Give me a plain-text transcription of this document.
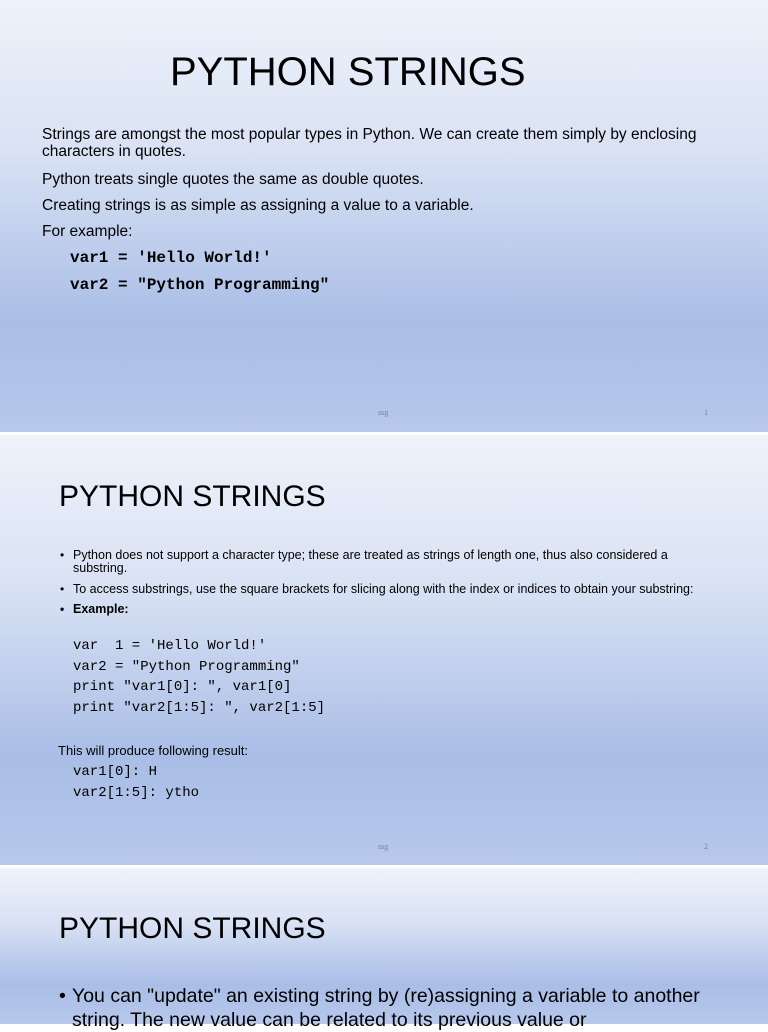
PYTHON STRINGS
Strings are amongst the most popular types in Python. We can create them simply by enclosing characters in quotes.
Python treats single quotes the same as double quotes.
Creating strings is as simple as assigning a value to a variable.
For example:
var1 = 'Hello World!'
var2 = "Python Programming"
ssg	1
PYTHON STRINGS
• Python does not support a character type; these are treated as strings of length one, thus also considered a substring.
• To access substrings, use the square brackets for slicing along with the index or indices to obtain your substring:
• Example:
var  1 = 'Hello World!'
var2 = "Python Programming"
print "var1[0]: ", var1[0]
print "var2[1:5]: ", var2[1:5]
This will produce following result:
var1[0]: H
var2[1:5]: ytho
ssg	2
PYTHON STRINGS
• You can "update" an existing string by (re)assigning a variable to another string. The new value can be related to its previous value or
